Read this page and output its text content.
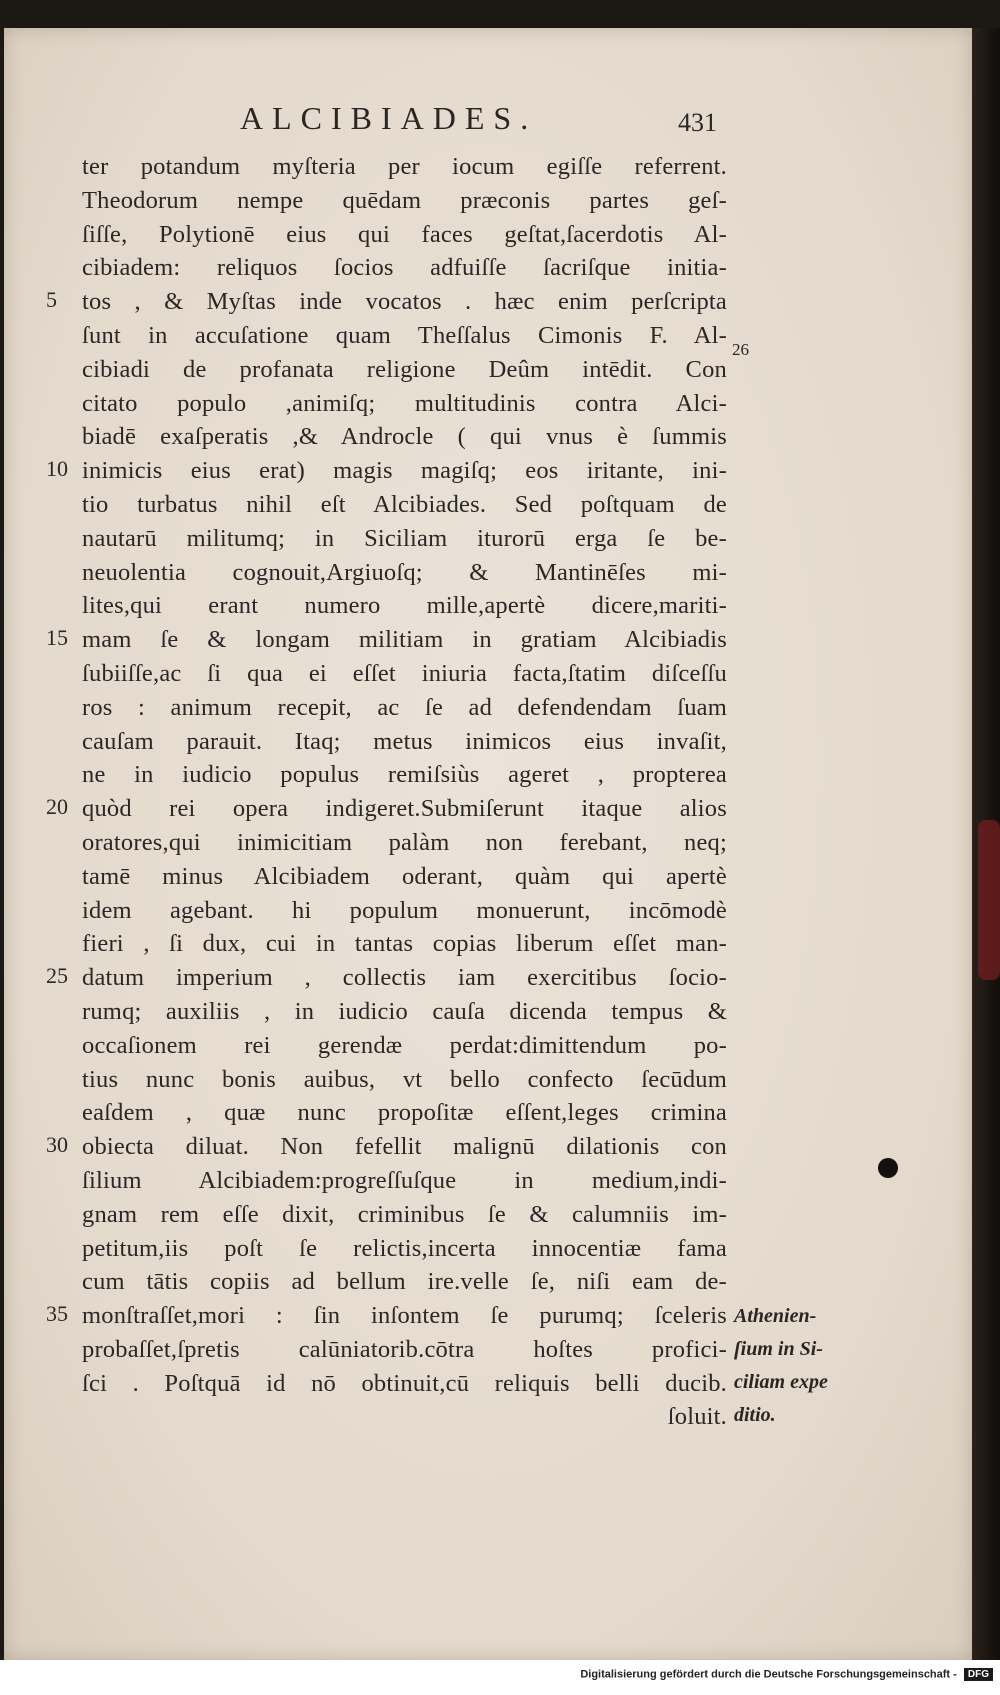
ALCIBIADES.	431
ter potandum myſteria per iocum egiſſe referrent.
Theodorum nempe quēdam præconis partes geſ-
ſiſſe, Polytionē eius qui faces geſtat,ſacerdotis Al-
cibiadem: reliquos ſocios adfuiſſe ſacriſque initia-
tos , & Myſtas inde vocatos . hæc enim perſcripta
ſunt in accuſatione quam Theſſalus Cimonis F. Al-
cibiadi de profanata religione Deûm intēdit. Con
citato populo ,animiſq; multitudinis contra Alci-
biadē exaſperatis ,& Androcle ( qui vnus è ſummis
inimicis eius erat) magis magiſq; eos iritante, ini-
tio turbatus nihil eſt Alcibiades. Sed poſtquam de
nautarū militumq; in Siciliam iturorū erga ſe be-
neuolentia cognouit,Argiuoſq; & Mantinēſes mi-
lites,qui erant numero mille,apertè dicere,mariti-
mam ſe & longam militiam in gratiam Alcibiadis
ſubiiſſe,ac ſi qua ei eſſet iniuria facta,ſtatim diſceſſu
ros : animum recepit, ac ſe ad defendendam ſuam
cauſam parauit. Itaq; metus inimicos eius invaſit,
ne in iudicio populus remiſsiùs ageret , propterea
quòd rei opera indigeret.Submiſerunt itaque alios
oratores,qui inimicitiam palàm non ferebant, neq;
tamē minus Alcibiadem oderant, quàm qui apertè
idem agebant. hi populum monuerunt, incōmodè
fieri , ſi dux, cui in tantas copias liberum eſſet man-
datum imperium , collectis iam exercitibus ſocio-
rumq; auxiliis , in iudicio cauſa dicenda tempus &
occaſionem rei gerendæ perdat:dimittendum po-
tius nunc bonis auibus, vt bello confecto ſecūdum
eaſdem , quæ nunc propoſitæ eſſent,leges crimina
obiecta diluat. Non fefellit malignū dilationis con
ſilium Alcibiadem:progreſſuſque in medium,indi-
gnam rem eſſe dixit, criminibus ſe & calumniis im-
petitum,iis poſt ſe relictis,incerta innocentiæ fama
cum tātis copiis ad bellum ire.velle ſe, niſi eam de-
monſtraſſet,mori : ſin inſontem ſe purumq; ſceleris
probaſſet,ſpretis calūniatorib.cōtra hoſtes profici-
ſci . Poſtquā id nō obtinuit,cū reliquis belli ducib.
ſoluit.
5
10
15
20
25
30
35
26
Athenien-
ſium in Si-
ciliam expe
ditio.
Digitalisierung gefördert durch die Deutsche Forschungsgemeinschaft - DFG
